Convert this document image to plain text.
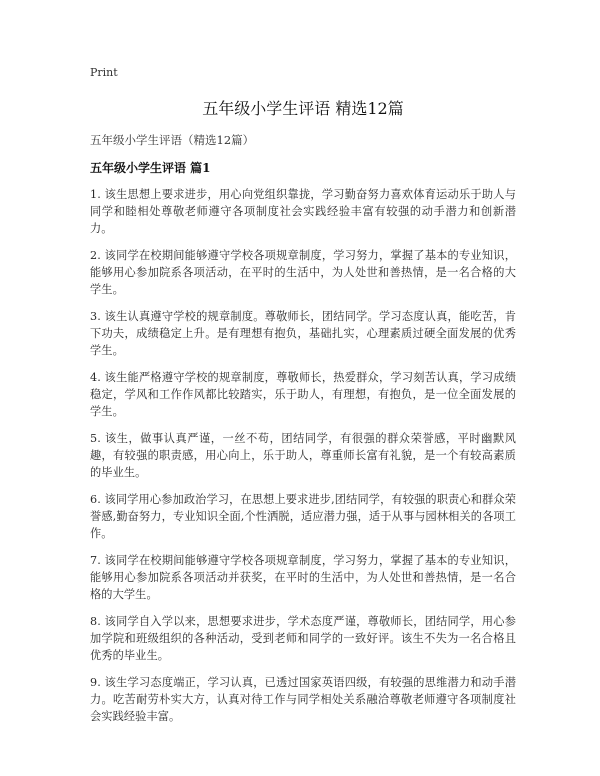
Print
五年级小学生评语 精选12篇
五年级小学生评语（精选12篇）
五年级小学生评语 篇1

1. 该生思想上要求进步，用心向党组织靠拢，学习勤奋努力喜欢体育运动乐于助人与同学和睦相处尊敬老师遵守各项制度社会实践经验丰富有较强的动手潜力和创新潜力。

2. 该同学在校期间能够遵守学校各项规章制度，学习努力，掌握了基本的专业知识，能够用心参加院系各项活动，在平时的生活中，为人处世和善热情，是一名合格的大学生。

3. 该生认真遵守学校的规章制度。尊敬师长，团结同学。学习态度认真，能吃苦，肯下功夫，成绩稳定上升。是有理想有抱负，基础扎实，心理素质过硬全面发展的优秀学生。

4. 该生能严格遵守学校的规章制度，尊敬师长，热爱群众，学习刻苦认真，学习成绩稳定，学风和工作作风都比较踏实，乐于助人，有理想，有抱负，是一位全面发展的学生。

5. 该生，做事认真严谨，一丝不苟，团结同学，有很强的群众荣誉感，平时幽默风趣，有较强的职责感，用心向上，乐于助人，尊重师长富有礼貌，是一个有较高素质的毕业生。

6. 该同学用心参加政治学习，在思想上要求进步,团结同学，有较强的职责心和群众荣誉感,勤奋努力，专业知识全面,个性洒脱，适应潜力强，适于从事与园林相关的各项工作。

7. 该同学在校期间能够遵守学校各项规章制度，学习努力，掌握了基本的专业知识，能够用心参加院系各项活动并获奖，在平时的生活中，为人处世和善热情，是一名合格的大学生。

8. 该同学自入学以来，思想要求进步，学术态度严谨，尊敬师长，团结同学，用心参加学院和班级组织的各种活动，受到老师和同学的一致好评。该生不失为一名合格且优秀的毕业生。

9. 该生学习态度端正，学习认真，已透过国家英语四级，有较强的思维潜力和动手潜力。吃苦耐劳朴实大方，认真对待工作与同学相处关系融洽尊敬老师遵守各项制度社会实践经验丰富。
